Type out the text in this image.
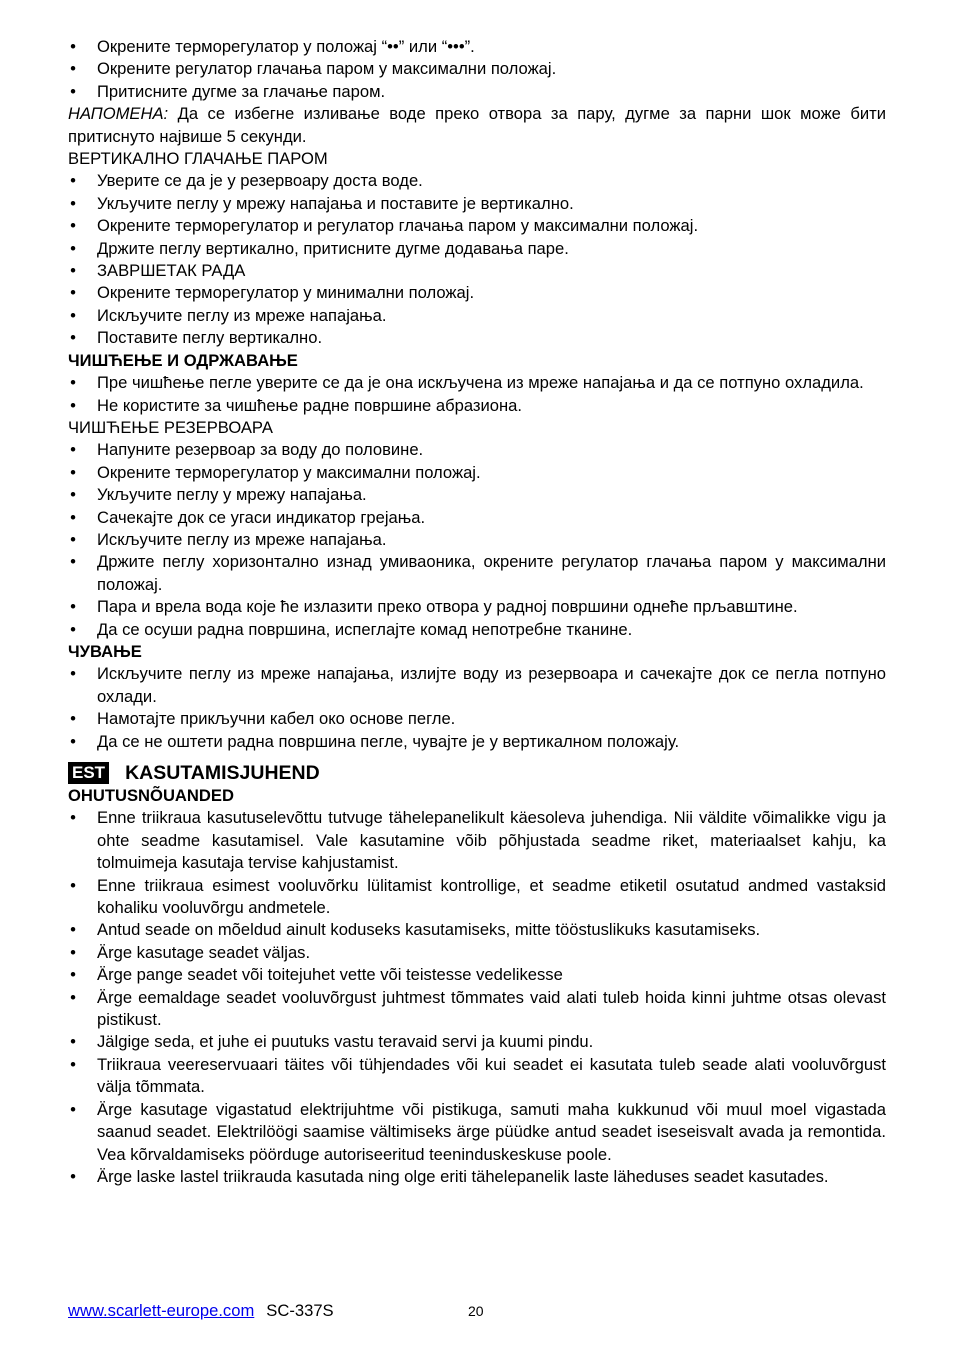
• Окрените терморегулатор у положај “••” или “•••”.
• Окрените регулатор глачања паром у максимални положај.
• Притисните дугме за глачање паром.

НАПОМЕНА: Да се избегне изливање воде преко отвора за пару, дугме за парни шок може бити притиснуто највише 5 секунди.

ВЕРТИКАЛНО ГЛАЧАЊЕ ПАРОМ

• Уверите се да је у резервоару доста воде.
• Укључите пеглу у мрежу напајања и поставите је вертикално.
• Окрените терморегулатор и регулатор глачања паром у максимални положај.
• Држите пеглу вертикално, притисните дугме додавања паре.
• ЗАВРШЕТАК РАДА
• Окрените терморегулатор у минимални положај.
• Искључите пеглу из мреже напајања.
• Поставите пеглу вертикално.

ЧИШЋЕЊЕ И ОДРЖАВАЊЕ

• Пре чишћење пегле уверите се да је она искључена из мреже напајања и да се потпуно охладила.
• Не користите за чишћење радне површине абразиона.

ЧИШЋЕЊЕ РЕЗЕРВОАРА

• Напуните резервоар за воду до половине.
• Окрените терморегулатор у максимални положај.
• Укључите пеглу у мрежу напајања.
• Сачекајте док се угаси индикатор грејања.
• Искључите пеглу из мреже напајања.
• Држите пеглу хоризонтално изнад умиваоника, окрените регулатор глачања паром у максимални положај.
• Пара и врела вода које ће излазити преко отвора у радној површини однеће прљавштине.
• Да се осуши радна површина, испеглајте комад непотребне тканине.

ЧУВАЊЕ

• Искључите пеглу из мреже напајања, излијте воду из резервоара и сачекајте док се пегла потпуно охлади.
• Намотајте прикључни кабел око основе пегле.
• Да се не оштети радна површина пегле, чувајте је у вертикалном положају.
EST KASUTAMISJUHEND

OHUTUSNÕUANDED

• Enne triikraua kasutuselevõttu tutvuge tähelepanelikult käesoleva juhendiga. Nii väldite võimalikke vigu ja ohte seadme kasutamisel. Vale kasutamine võib põhjustada seadme riket, materiaalset kahju, ka tolmuimeja kasutaja tervise kahjustamist.
• Enne triikraua esimest vooluvõrku lülitamist kontrollige, et seadme etiketil osutatud andmed vastaksid kohaliku vooluvõrgu andmetele.
• Antud seade on mõeldud ainult koduseks kasutamiseks, mitte tööstuslikuks kasutamiseks.
• Ärge kasutage seadet väljas.
• Ärge pange seadet või toitejuhet vette või teistesse vedelikesse
• Ärge eemaldage seadet vooluvõrgust juhtmest tõmmates vaid alati tuleb hoida kinni juhtme otsas olevast pistikust.
• Jälgige seda, et juhe ei puutuks vastu teravaid servi ja kuumi pindu.
• Triikraua veereservuaari täites või tühjendades või kui seadet ei kasutata tuleb seade alati vooluvõrgust välja tõmmata.
• Ärge kasutage vigastatud elektrijuhtme või pistikuga, samuti maha kukkunud või muul moel vigastada saanud seadet. Elektrilöögi saamise vältimiseks ärge püüdke antud seadet iseseisvalt avada ja remontida. Vea kõrvaldamiseks pöörduge autoriseeritud teeninduskeskuse poole.
• Ärge laske lastel triikrauda kasutada ning olge eriti tähelepanelik laste läheduses seadet kasutades.
www.scarlett-europe.com SC-337S	20
